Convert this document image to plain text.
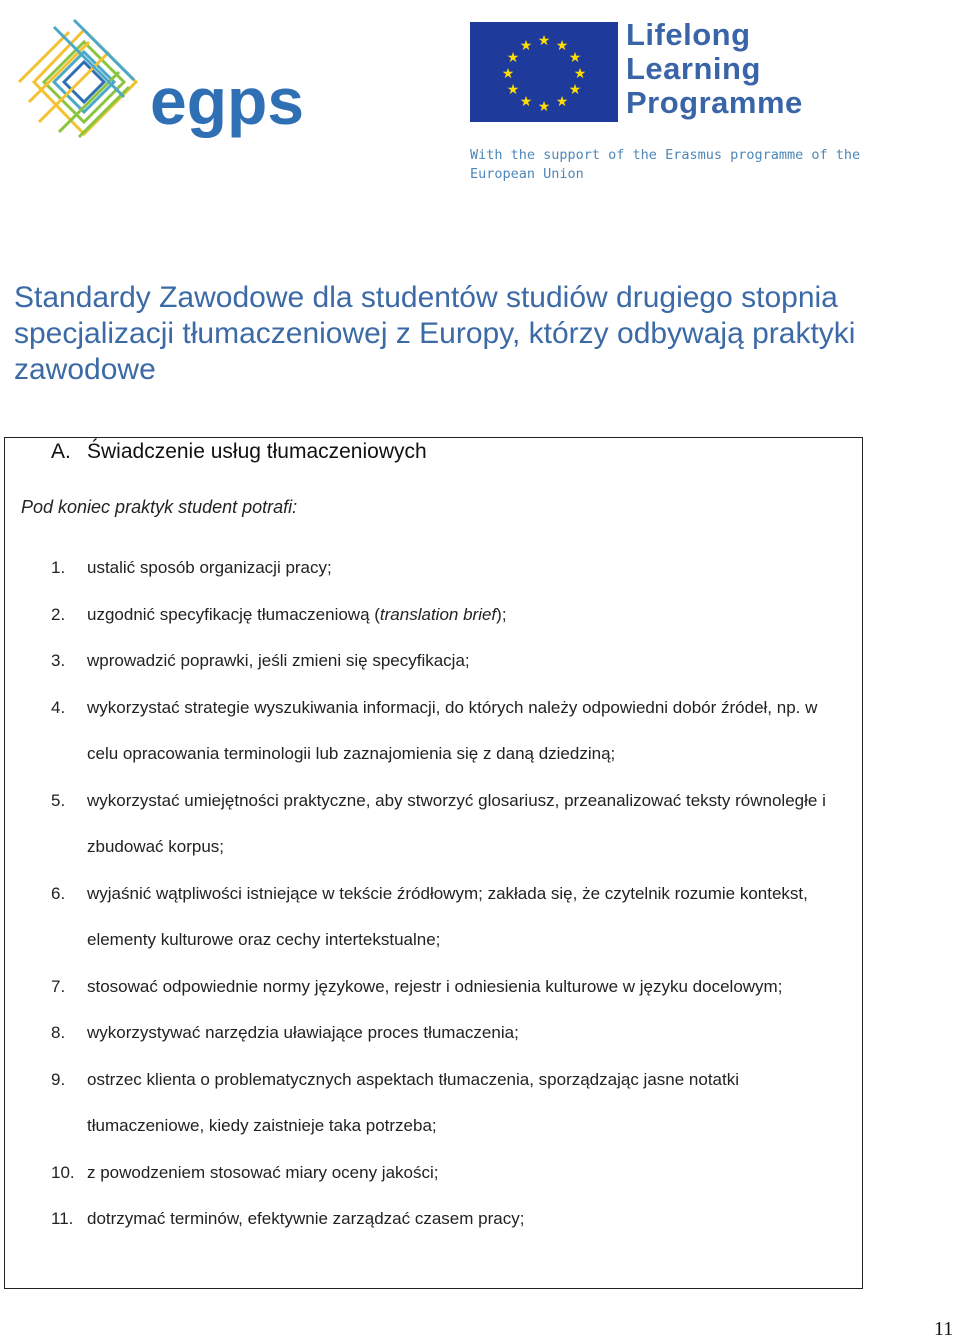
egps
★ ★
★
★
★
★
★
★
★
★
★
★	Lifelong
Learning
Programme
With the support of the Erasmus programme of the European Union
Standardy Zawodowe dla studentów studiów drugiego stopnia specjalizacji tłumaczeniowej z Europy, którzy odbywają praktyki zawodowe
A. Świadczenie usług tłumaczeniowych
Pod koniec praktyk student potrafi:
1. ustalić sposób organizacji pracy;
2. uzgodnić specyfikację tłumaczeniową (translation brief);
3. wprowadzić poprawki, jeśli zmieni się specyfikacja;
4. wykorzystać strategie wyszukiwania informacji, do których należy odpowiedni dobór źródeł, np. w celu opracowania terminologii lub zaznajomienia się z daną dziedziną;
5. wykorzystać umiejętności praktyczne, aby stworzyć glosariusz, przeanalizować teksty równoległe i zbudować korpus;
6. wyjaśnić wątpliwości istniejące w tekście źródłowym; zakłada się, że czytelnik rozumie kontekst, elementy kulturowe oraz cechy intertekstualne;
7. stosować odpowiednie normy językowe, rejestr i odniesienia kulturowe w języku docelowym;
8. wykorzystywać narzędzia uławiające proces tłumaczenia;
9. ostrzec klienta o problematycznych aspektach tłumaczenia, sporządzając jasne notatki tłumaczeniowe, kiedy zaistnieje taka potrzeba;
10. z powodzeniem stosować miary oceny jakości;
11. dotrzymać terminów, efektywnie zarządzać czasem pracy;
11
